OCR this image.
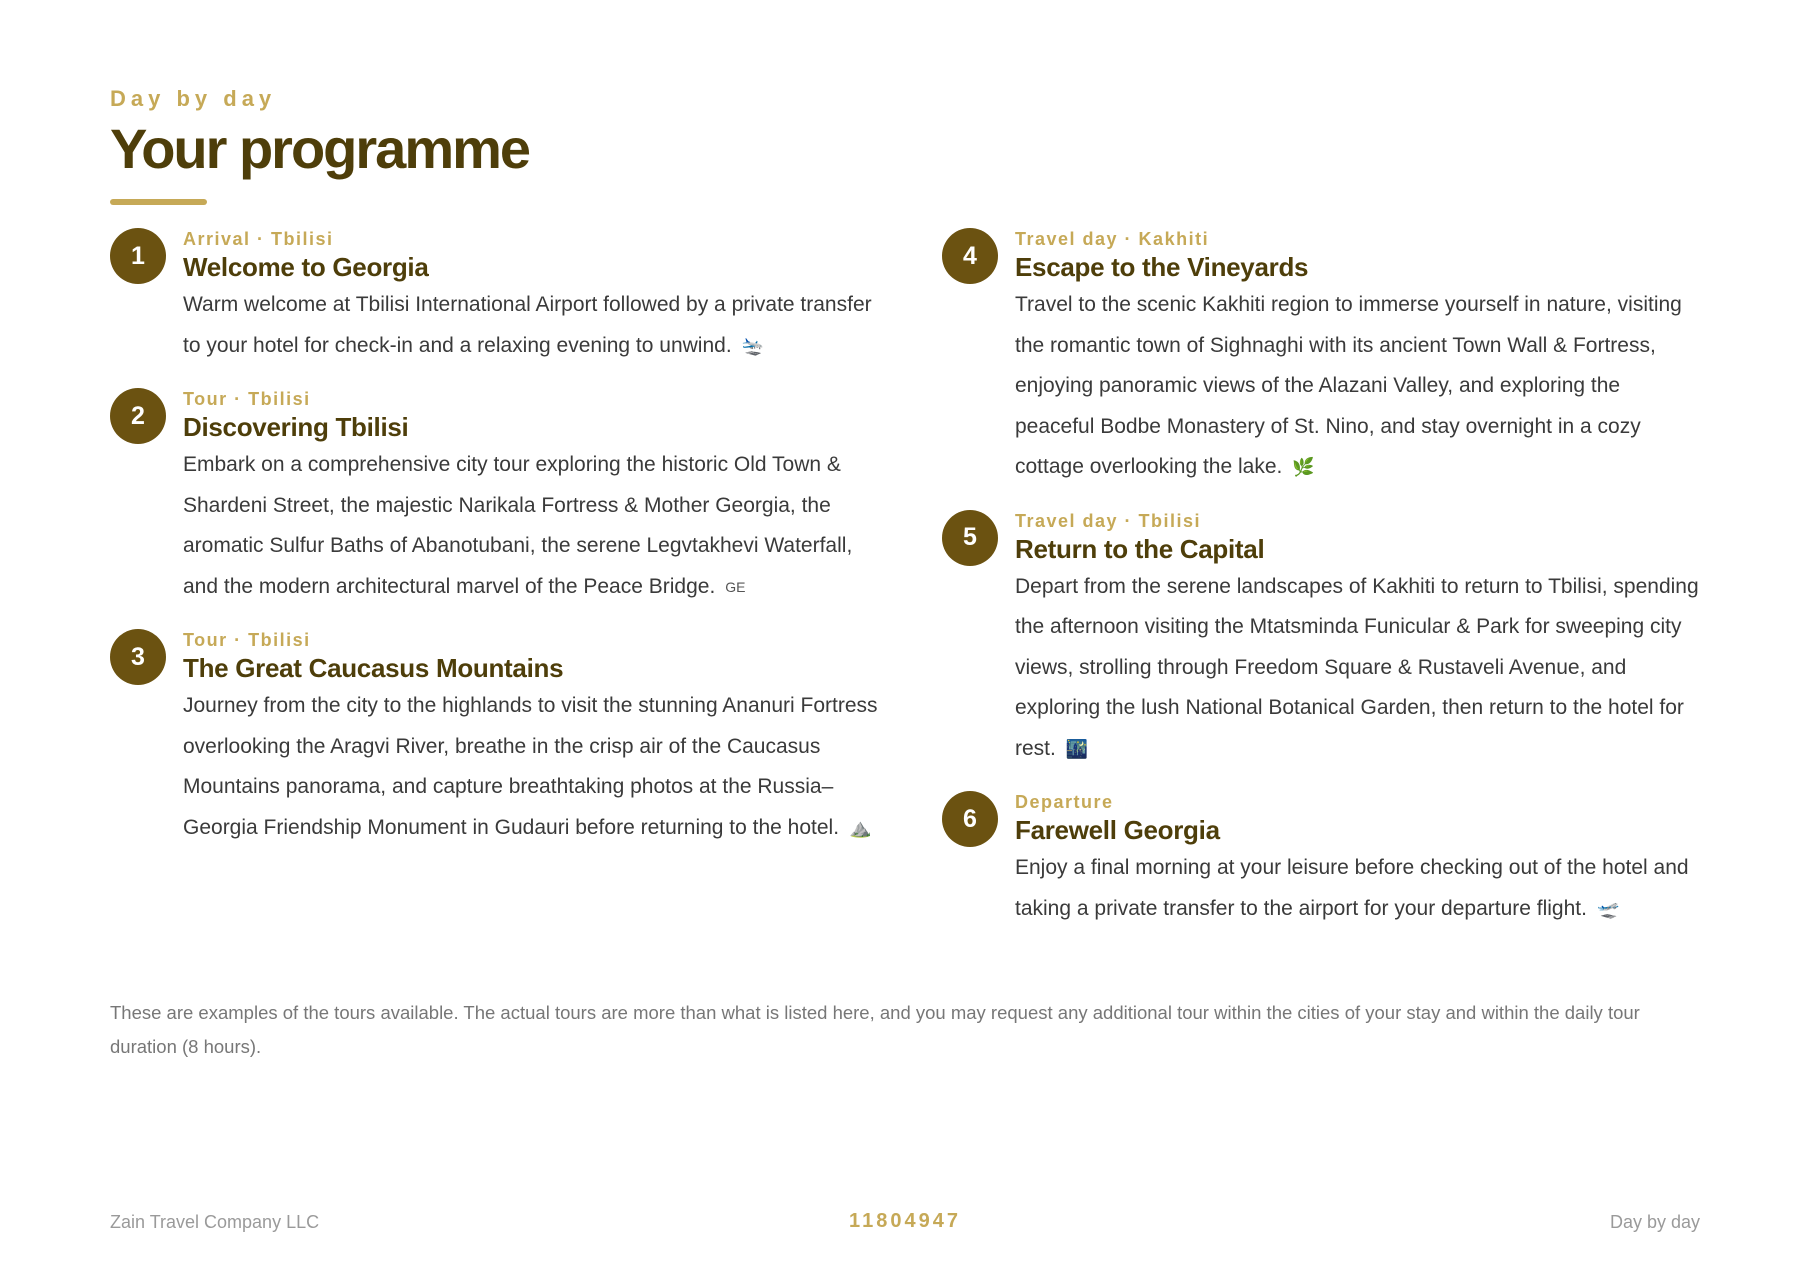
Day by day
Your programme
1
Arrival · Tbilisi
Welcome to Georgia
Warm welcome at Tbilisi International Airport followed by a private transfer to your hotel for check-in and a relaxing evening to unwind. 🛬
2
Tour · Tbilisi
Discovering Tbilisi
Embark on a comprehensive city tour exploring the historic Old Town & Shardeni Street, the majestic Narikala Fortress & Mother Georgia, the aromatic Sulfur Baths of Abanotubani, the serene Legvtakhevi Waterfall, and the modern architectural marvel of the Peace Bridge. GE
3
Tour · Tbilisi
The Great Caucasus Mountains
Journey from the city to the highlands to visit the stunning Ananuri Fortress overlooking the Aragvi River, breathe in the crisp air of the Caucasus Mountains panorama, and capture breathtaking photos at the Russia–Georgia Friendship Monument in Gudauri before returning to the hotel. ⛰️
4
Travel day · Kakhiti
Escape to the Vineyards
Travel to the scenic Kakhiti region to immerse yourself in nature, visiting the romantic town of Sighnaghi with its ancient Town Wall & Fortress, enjoying panoramic views of the Alazani Valley, and exploring the peaceful Bodbe Monastery of St. Nino, and stay overnight in a cozy cottage overlooking the lake. 🌿
5
Travel day · Tbilisi
Return to the Capital
Depart from the serene landscapes of Kakhiti to return to Tbilisi, spending the afternoon visiting the Mtatsminda Funicular & Park for sweeping city views, strolling through Freedom Square & Rustaveli Avenue, and exploring the lush National Botanical Garden, then return to the hotel for rest. 🌃
6
Departure
Farewell Georgia
Enjoy a final morning at your leisure before checking out of the hotel and taking a private transfer to the airport for your departure flight. 🛫
These are examples of the tours available. The actual tours are more than what is listed here, and you may request any additional tour within the cities of your stay and within the daily tour duration (8 hours).
Zain Travel Company LLC	11804947	Day by day
